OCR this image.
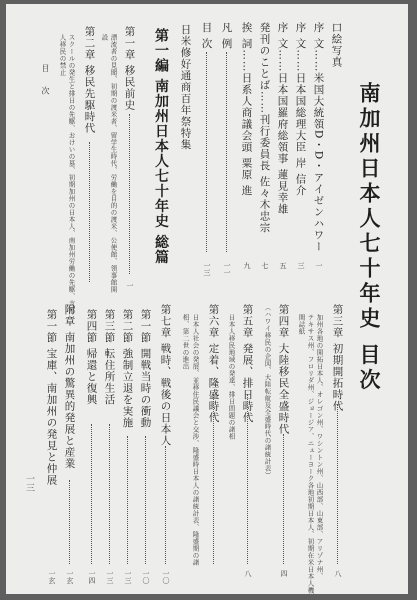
南加州日本人七十年史 目次
口絵写真
序 文……米国大統領D・D・アイゼンハワー
一
序 文……日本国総理大臣 岸 信介
三
序 文……日本国羅府総領事 蓮見幸雄
五
発刊のことば……刊行委員長 佐々木忠宗
七
挨 詞……日系人商議会頭 粟原 進
九
凡 例
一一
目 次
一三
日米修好通商百年祭特集
第一編 南加州日本人七十年史 総篇
第一章 移民前史
一
漂流者の見聞、初期の渡米者、留学生時代、労働を目的の渡米、公使館、領事館開
設
第二章 移民先駆時代
スクールの発生と排日の先駆、おけいの墓、初期加州の日本人、南加州労働の先駆、支那
人移民の禁止
目次
第三章 初期開拓時代
八
加州各地の開拓日本人、オレゴン州、ワシントン州、山西部、山東部、アリゾナ州、
テキサス州、フロリダ州、ジョージア、ニューヨーク各地初期日本人、初期在米日本人機
関誌紙
第四章 大陸移民全盛時代
四
（ハワイ移民の企図、大陸転航及全盛時代の諸統計表）
第五章 発展、排日時代
八
日本人移民地域の発達、排日問題の諸相
第六章 定着、隆盛時代
日本人社会の発展、並移住民議会と交渉、隆盛時日本人の諸統計表、隆盛期の諸
相、第二世の進出
第七章 戦時、戦後の日本人
一〇
第一節 開戦当時の衝動
一〇
第二節 強制立退を実施
一三
第三節 転住所生活
一三
第四節 帰還と復興
一四
附章 南加州の驚異的発展と産業
一玄
第一節 宝庫、南加州の発見と仲展
一玄
一三
